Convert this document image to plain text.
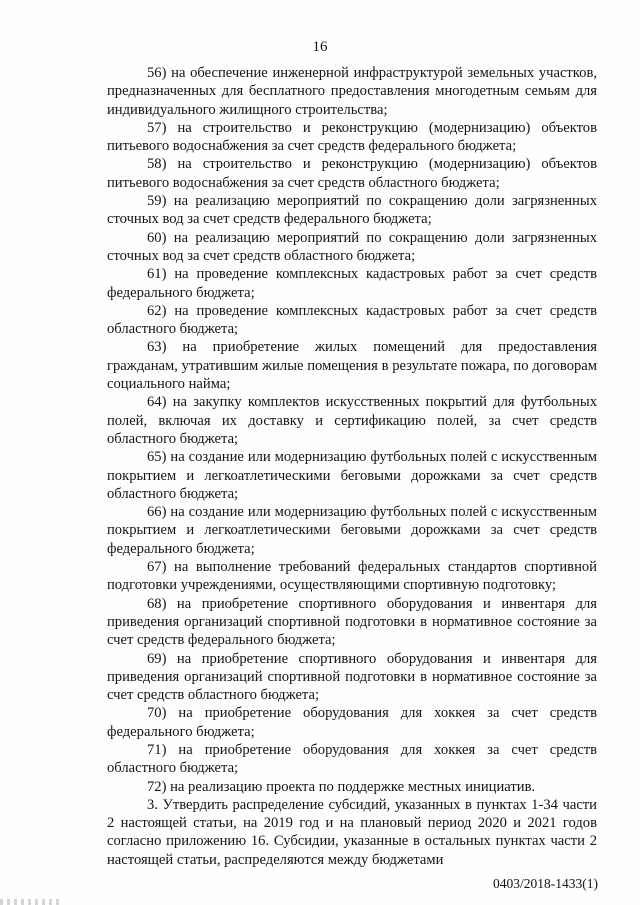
16

56) на обеспечение инженерной инфраструктурой земельных участков, предназначенных для бесплатного предоставления многодетным семьям для индивидуального жилищного строительства;

57) на строительство и реконструкцию (модернизацию) объектов питьевого водоснабжения за счет средств федерального бюджета;

58) на строительство и реконструкцию (модернизацию) объектов питьевого водоснабжения за счет средств областного бюджета;

59) на реализацию мероприятий по сокращению доли загрязненных сточных вод за счет средств федерального бюджета;

60) на реализацию мероприятий по сокращению доли загрязненных сточных вод за счет средств областного бюджета;

61) на проведение комплексных кадастровых работ за счет средств федерального бюджета;

62) на проведение комплексных кадастровых работ за счет средств областного бюджета;

63) на приобретение жилых помещений для предоставления гражданам, утратившим жилые помещения в результате пожара, по договорам социального найма;

64) на закупку комплектов искусственных покрытий для футбольных полей, включая их доставку и сертификацию полей, за счет средств областного бюджета;

65) на создание или модернизацию футбольных полей с искусственным покрытием и легкоатлетическими беговыми дорожками за счет средств областного бюджета;

66) на создание или модернизацию футбольных полей с искусственным покрытием и легкоатлетическими беговыми дорожками за счет средств федерального бюджета;

67) на выполнение требований федеральных стандартов спортивной подготовки учреждениями, осуществляющими спортивную подготовку;

68) на приобретение спортивного оборудования и инвентаря для приведения организаций спортивной подготовки в нормативное состояние за счет средств федерального бюджета;

69) на приобретение спортивного оборудования и инвентаря для приведения организаций спортивной подготовки в нормативное состояние за счет средств областного бюджета;

70) на приобретение оборудования для хоккея за счет средств федерального бюджета;

71) на приобретение оборудования для хоккея за счет средств областного бюджета;

72) на реализацию проекта по поддержке местных инициатив.

3. Утвердить распределение субсидий, указанных в пунктах 1-34 части 2 настоящей статьи, на 2019 год и на плановый период 2020 и 2021 годов согласно приложению 16. Субсидии, указанные в остальных пунктах части 2 настоящей статьи, распределяются между бюджетами

0403/2018-1433(1)
